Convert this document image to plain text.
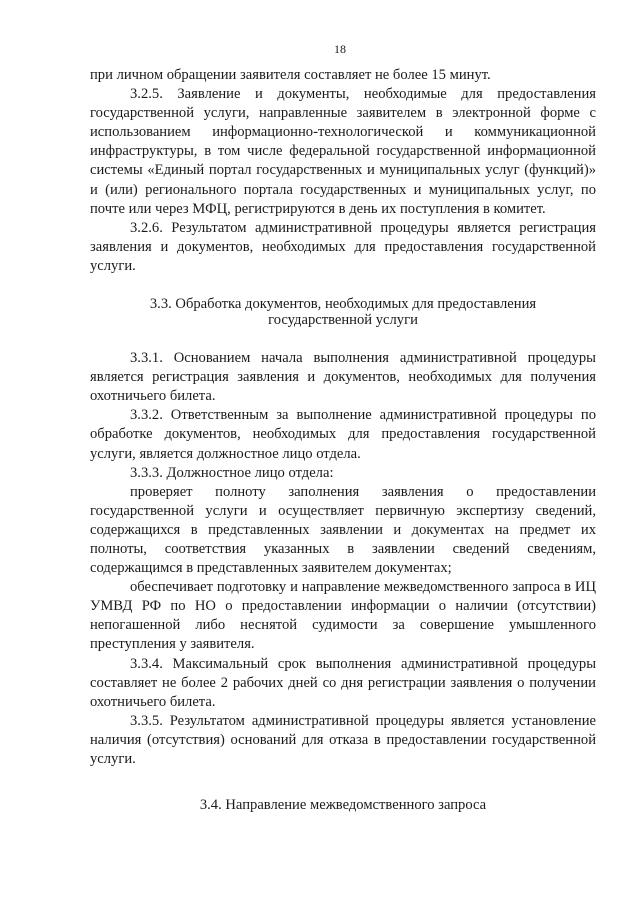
18

при личном обращении заявителя составляет не более 15 минут.

3.2.5. Заявление и документы, необходимые для предоставления государственной услуги, направленные заявителем в электронной форме с использованием информационно-технологической и коммуникационной инфраструктуры, в том числе федеральной государственной информационной системы «Единый портал государственных и муниципальных услуг (функций)» и (или) регионального портала государственных и муниципальных услуг, по почте или через МФЦ, регистрируются в день их поступления в комитет.

3.2.6. Результатом административной процедуры является регистрация заявления и документов, необходимых для предоставления государственной услуги.

3.3. Обработка документов, необходимых для предоставления
государственной услуги

3.3.1. Основанием начала выполнения административной процедуры является регистрация заявления и документов, необходимых для получения охотничьего билета.

3.3.2. Ответственным за выполнение административной процедуры по обработке документов, необходимых для предоставления государственной услуги, является должностное лицо отдела.

3.3.3. Должностное лицо отдела:

проверяет полноту заполнения заявления о предоставлении государственной услуги и осуществляет первичную экспертизу сведений, содержащихся в представленных заявлении и документах на предмет их полноты, соответствия указанных в заявлении сведений сведениям, содержащимся в представленных заявителем документах;

обеспечивает подготовку и направление межведомственного запроса в ИЦ УМВД РФ по НО о предоставлении информации о наличии (отсутствии) непогашенной либо неснятой судимости за совершение умышленного преступления у заявителя.

3.3.4. Максимальный срок выполнения административной процедуры составляет не более 2 рабочих дней со дня регистрации заявления о получении охотничьего билета.

3.3.5. Результатом административной процедуры является установление наличия (отсутствия) оснований для отказа в предоставлении государственной услуги.

3.4. Направление межведомственного запроса
